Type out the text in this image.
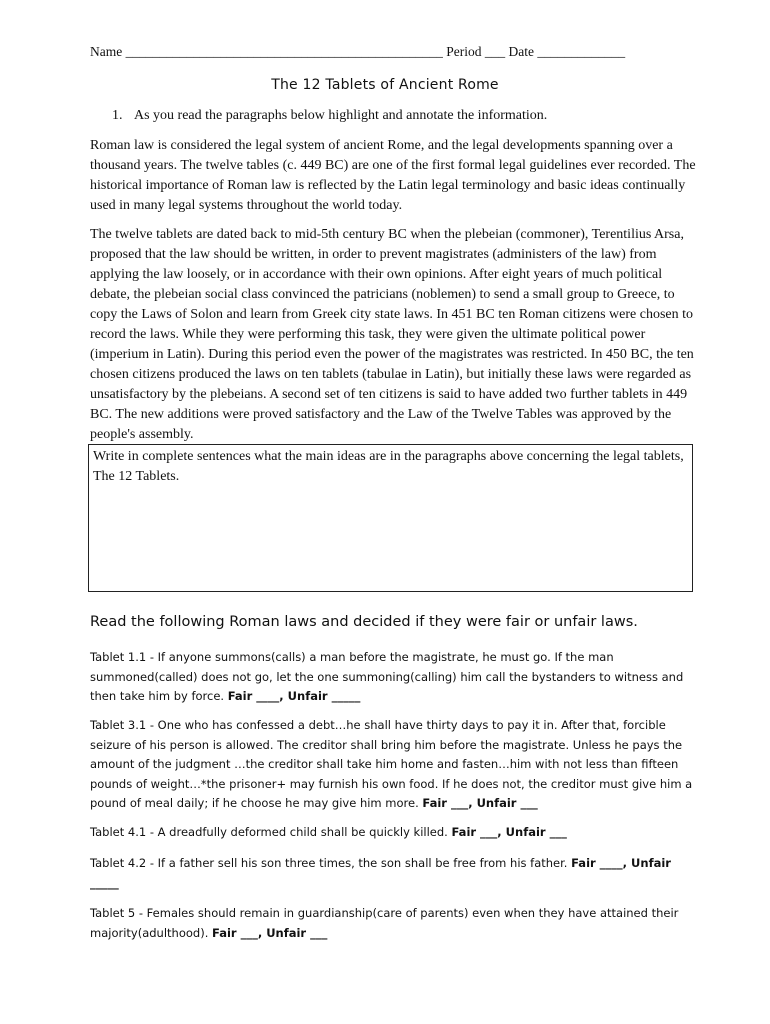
Name _______________________________________________ Period ___ Date _____________
The 12 Tablets of Ancient Rome
1. As you read the paragraphs below highlight and annotate the information.

Roman law is considered the legal system of ancient Rome, and the legal developments spanning over a thousand years. The twelve tables (c. 449 BC) are one of the first formal legal guidelines ever recorded. The historical importance of Roman law is reflected by the Latin legal terminology and basic ideas continually used in many legal systems throughout the world today.

The twelve tablets are dated back to mid-5th century BC when the plebeian (commoner), Terentilius Arsa, proposed that the law should be written, in order to prevent magistrates (administers of the law) from applying the law loosely, or in accordance with their own opinions. After eight years of much political debate, the plebeian social class convinced the patricians (noblemen) to send a small group to Greece, to copy the Laws of Solon and learn from Greek city state laws. In 451 BC ten Roman citizens were chosen to record the laws. While they were performing this task, they were given the ultimate political power (imperium in Latin). During this period even the power of the magistrates was restricted. In 450 BC, the ten chosen citizens produced the laws on ten tablets (tabulae in Latin), but initially these laws were regarded as unsatisfactory by the plebeians. A second set of ten citizens is said to have added two further tablets in 449 BC. The new additions were proved satisfactory and the Law of the Twelve Tables was approved by the people's assembly.

Write in complete sentences what the main ideas are in the paragraphs above concerning the legal tablets, The 12 Tablets.
Read the following Roman laws and decided if they were fair or unfair laws.

Tablet 1.1 - If anyone summons(calls) a man before the magistrate, he must go. If the man summoned(called) does not go, let the one summoning(calling) him call the bystanders to witness and then take him by force. Fair ____, Unfair _____

Tablet 3.1 - One who has confessed a debt…he shall have thirty days to pay it in. After that, forcible seizure of his person is allowed. The creditor shall bring him before the magistrate. Unless he pays the amount of the judgment …the creditor shall take him home and fasten…him with not less than fifteen pounds of weight…*the prisoner+ may furnish his own food. If he does not, the creditor must give him a pound of meal daily; if he choose he may give him more. Fair ___, Unfair ___

Tablet 4.1 - A dreadfully deformed child shall be quickly killed. Fair ___, Unfair ___

Tablet 4.2 - If a father sell his son three times, the son shall be free from his father. Fair ____, Unfair _____

Tablet 5 - Females should remain in guardianship(care of parents) even when they have attained their majority(adulthood). Fair ___, Unfair ___
